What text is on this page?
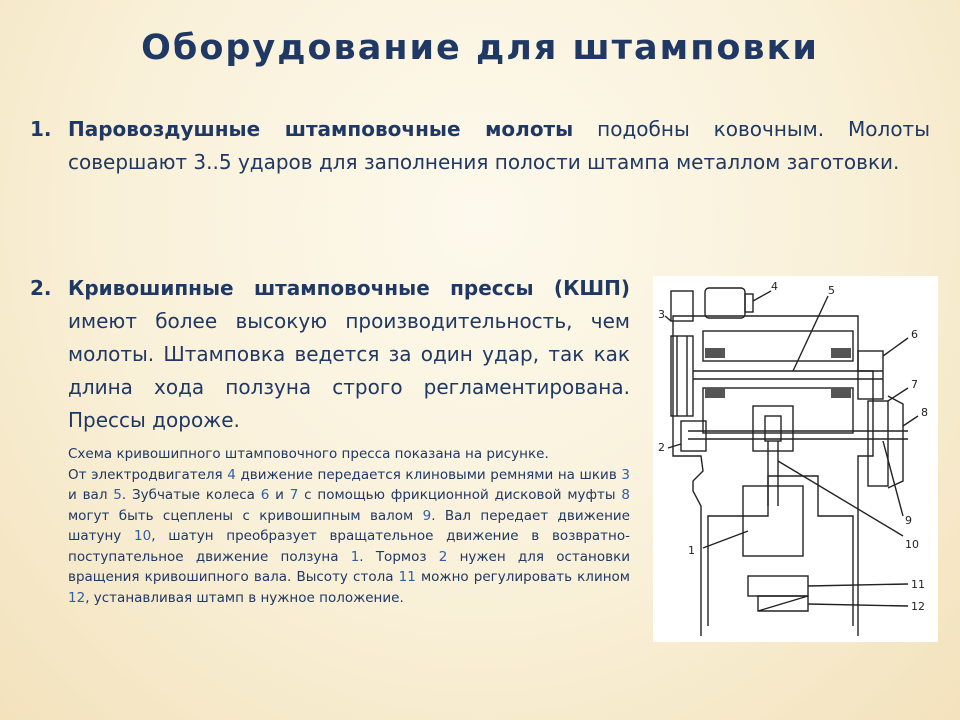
Оборудование для штамповки
1. Паровоздушные штамповочные молоты подобны ковочным. Молоты совершают 3..5 ударов для заполнения полости штампа металлом заготовки.
2. Кривошипные штамповочные прессы (КШП) имеют более высокую производительность, чем молоты. Штамповка ведется за один удар, так как длина хода ползуна строго регламентирована. Прессы дороже.
Схема кривошипного штамповочного пресса показана на рисунке.
От электродвигателя 4 движение передается клиновыми ремнями на шкив 3 и вал 5. Зубчатые колеса 6 и 7 с помощью фрикционной дисковой муфты 8 могут быть сцеплены с кривошипным валом 9. Вал передает движение шатуну 10, шатун преобразует вращательное движение в возвратно-поступательное движение ползуна 1. Тормоз 2 нужен для остановки вращения кривошипного вала. Высоту стола 11 можно регулировать клином 12, устанавливая штамп в нужное положение.
3
4	5
6
7
8
2
9
10
1
11
12
